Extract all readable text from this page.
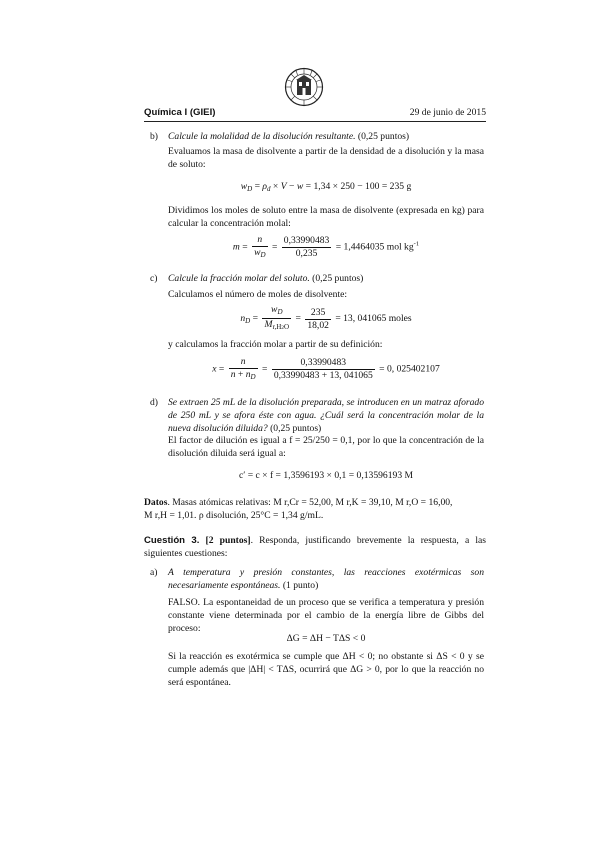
Química I (GIEI)	29 de junio de 2015
b) Calcule la molalidad de la disolución resultante. (0,25 puntos)
Evaluamos la masa de disolvente a partir de la densidad de a disolución y la masa de soluto:
$w_D = \rho_d \times V - w = 1,34 \times 250 - 100 = 235$ g
Dividimos los moles de soluto entre la masa de disolvente (expresada en kg) para calcular la concentración molal:
$m = \frac{n}{w_D} = \frac{0,33990483}{0,235} = 1,4464035$ mol $kg^{-1}$
c) Calcule la fracción molar del soluto. (0,25 puntos)
Calculamos el número de moles de disolvente:
$n_D = \frac{w_D}{M_{r,H2O}} = \frac{235}{18,02} = 13$, 041065 moles
y calculamos la fracción molar a partir de su definición:
$x = \frac{n}{n + n_D} = \frac{0,33990483}{0,33990483 + 13, 041065} = 0$, 025402107
d) Se extraen 25 mL de la disolución preparada, se introducen en un matraz aforado de 250 mL y se afora éste con agua. ¿Cuál será la concentración molar de la nueva disolución diluida? (0,25 puntos)
El factor de dilución es igual a f = 25/250 = 0,1, por lo que la concentración de la disolución diluida será igual a:
c′ = c × f = 1,3596193 × 0,1 = 0,13596193 M
Datos. Masas atómicas relativas: M r,Cr = 52,00, M r,K = 39,10, M r,O = 16,00,
M r,H = 1,01. ρ disolución, 25°C = 1,34 g/mL.
Cuestión 3. [2 puntos]. Responda, justificando brevemente la respuesta, a las siguientes cuestiones:
a) A temperatura y presión constantes, las reacciones exotérmicas son necesariamente espontáneas. (1 punto)
FALSO. La espontaneidad de un proceso que se verifica a temperatura y presión constante viene determinada por el cambio de la energía libre de Gibbs del proceso:
ΔG = ΔH − TΔS < 0
Si la reacción es exotérmica se cumple que ΔH < 0; no obstante si ΔS < 0 y se cumple además que |ΔH| < TΔS, ocurrirá que ΔG > 0, por lo que la reacción no será espontánea.
